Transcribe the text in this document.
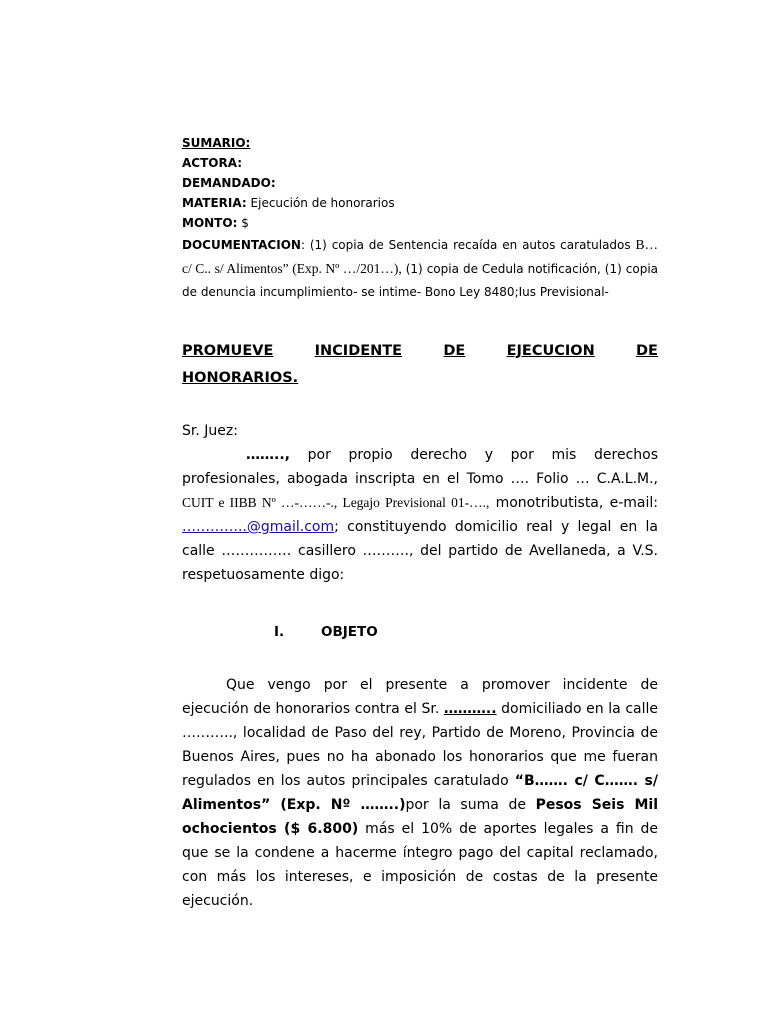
SUMARIO:
ACTORA:
DEMANDADO:
MATERIA: Ejecución de honorarios
MONTO: $
DOCUMENTACION: (1) copia de Sentencia recaída en autos caratulados B… c/ C.. s/ Alimentos” (Exp. Nº …/201…), (1) copia de Cedula notificación, (1) copia de denuncia incumplimiento- se intime- Bono Ley 8480;Ius Previsional-
PROMUEVE	INCIDENTE	DE	EJECUCION	DE
HONORARIOS.
Sr. Juez:

…….., por propio derecho y por mis derechos profesionales, abogada inscripta en el Tomo …. Folio … C.A.L.M., CUIT e IIBB Nº …-……-., Legajo Previsional 01-…., monotributista, e-mail: …………..@gmail.com; constituyendo domicilio real y legal en la calle …………… casillero ………., del partido de Avellaneda, a V.S. respetuosamente digo:

I.	OBJETO

Que vengo por el presente a promover incidente de ejecución de honorarios contra el Sr. ……….. domiciliado en la calle ……….., localidad de Paso del rey, Partido de Moreno, Provincia de Buenos Aires, pues no ha abonado los honorarios que me fueran regulados en los autos principales caratulado “B……. c/ C……. s/ Alimentos” (Exp. Nº ……..)por la suma de Pesos Seis Mil ochocientos ($ 6.800) más el 10% de aportes legales a fin de que se la condene a hacerme íntegro pago del capital reclamado, con más los intereses, e imposición de costas de la presente ejecución.
